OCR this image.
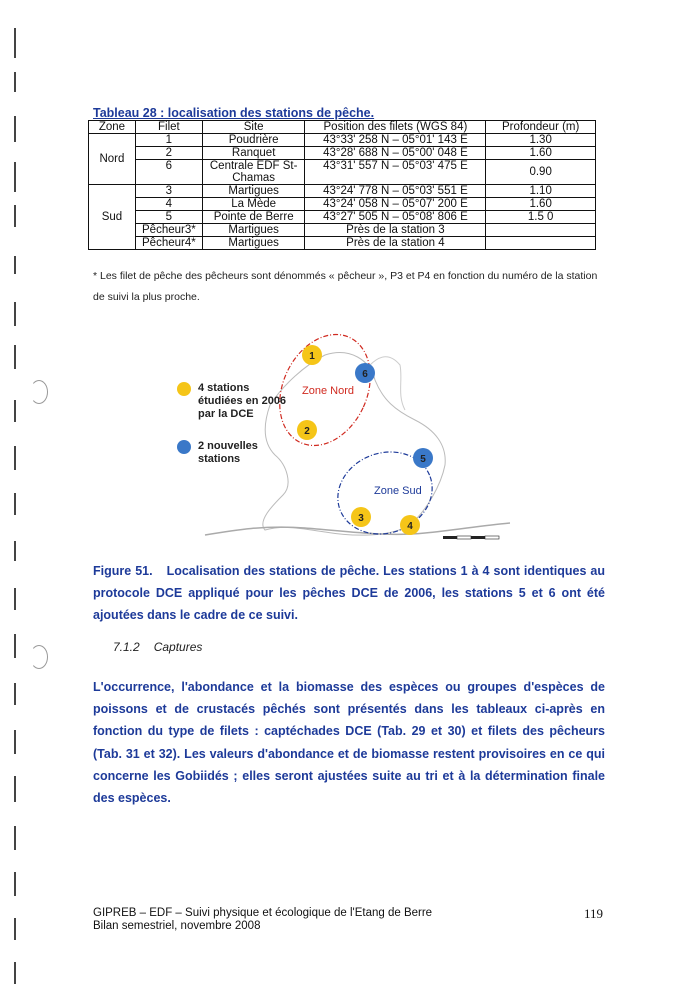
Tableau 28 : localisation des stations de pêche.
Zone	Filet	Site	Position des filets (WGS 84)	Profondeur (m)
Nord	1	Poudrière	43°33' 258 N – 05°01' 143 E	1.30
	2	Ranquet	43°28' 688 N – 05°00' 048 E	1.60
	6	Centrale EDF St-Chamas	43°31' 557 N – 05°03' 475 E	0.90
Sud	3	Martigues	43°24' 778 N – 05°03' 551 E	1.10
	4	La Mède	43°24' 058 N – 05°07' 200 E	1.60
	5	Pointe de Berre	43°27' 505 N – 05°08' 806 E	1.5 0
	Pêcheur3*	Martigues	Près de la station 3	
	Pêcheur4*	Martigues	Près de la station 4	
* Les filet de pêche des pêcheurs sont dénommés « pêcheur », P3 et P4 en fonction du numéro de la station de suivi la plus proche.
Zone Nord
Zone Sud
1
2
3
4
5
6
4 stations
étudiées en 2006
par la DCE
2 nouvelles
stations
Figure 51. Localisation des stations de pêche. Les stations 1 à 4 sont identiques au protocole DCE appliqué pour les pêches DCE de 2006, les stations 5 et 6 ont été ajoutées dans le cadre de ce suivi.
7.1.2 Captures
L'occurrence, l'abondance et la biomasse des espèces ou groupes d'espèces de poissons et de crustacés pêchés sont présentés dans les tableaux ci-après en fonction du type de filets : captéchades DCE (Tab. 29 et 30) et filets des pêcheurs (Tab. 31 et 32). Les valeurs d'abondance et de biomasse restent provisoires en ce qui concerne les Gobiidés ; elles seront ajustées suite au tri et à la détermination finale des espèces.
GIPREB – EDF – Suivi physique et écologique de l'Etang de Berre
Bilan semestriel, novembre 2008
119
